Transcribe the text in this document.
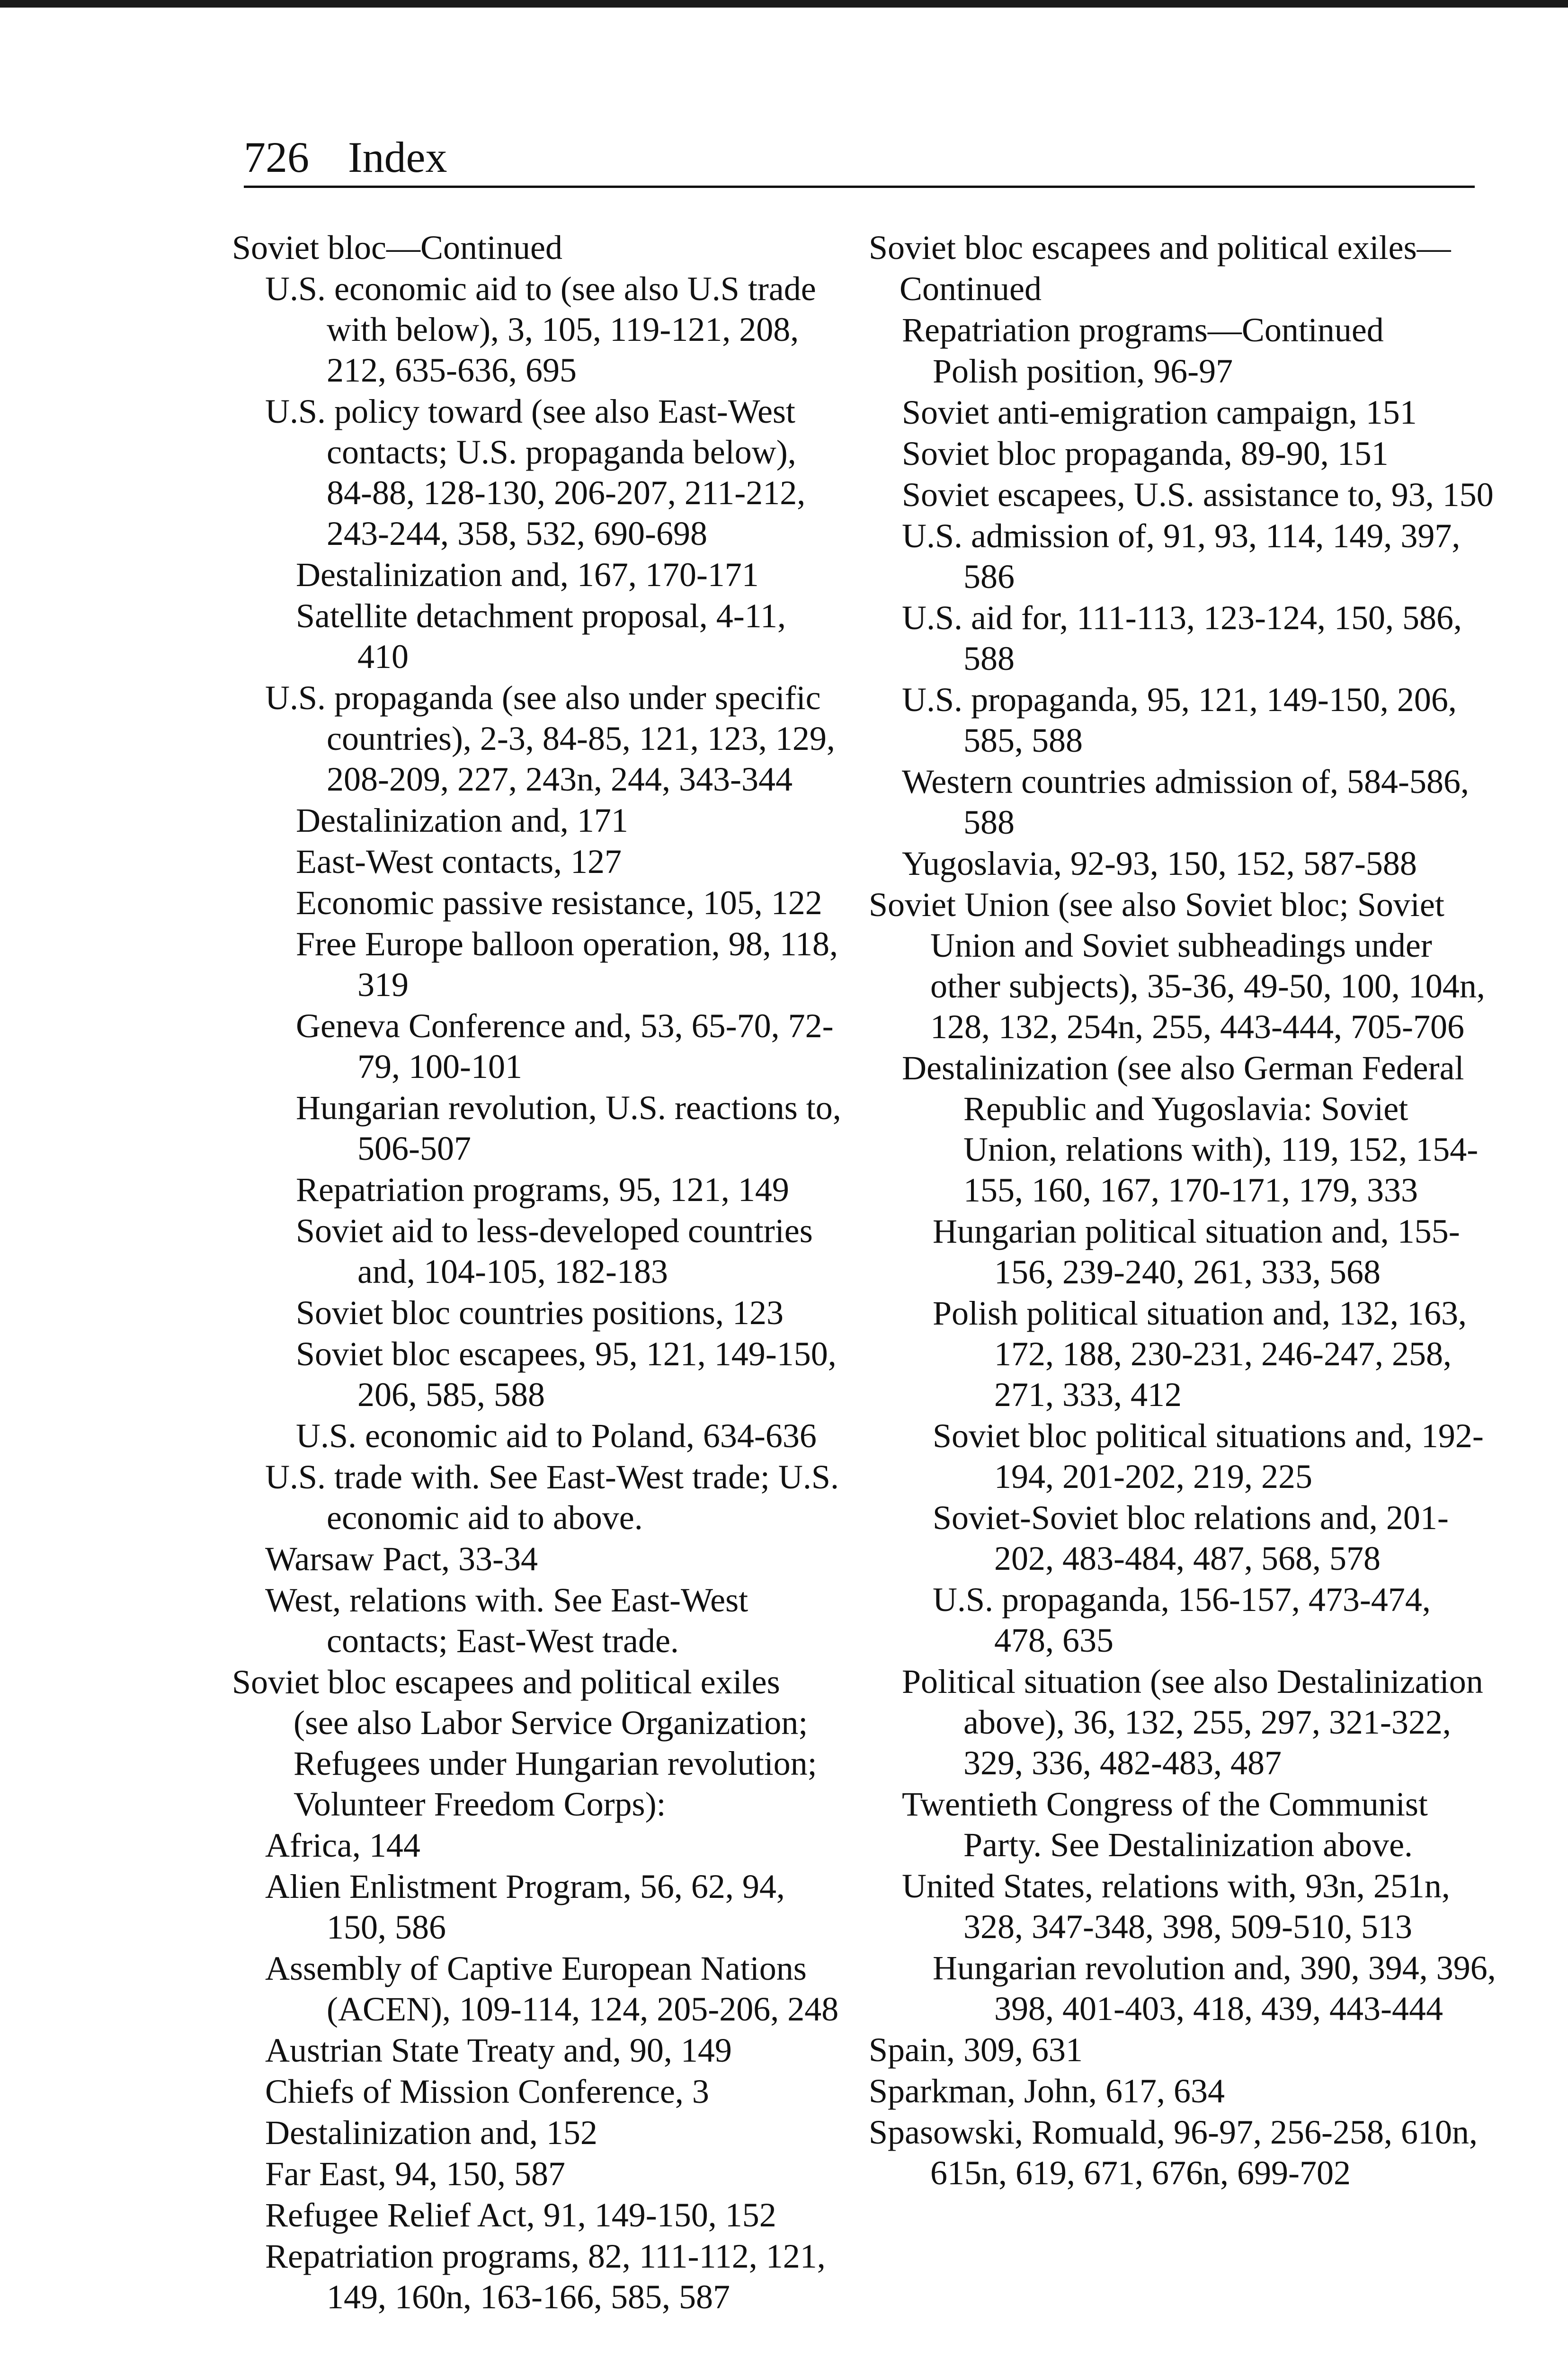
726 Index
Soviet bloc—Continued
U.S. economic aid to (see also U.S trade with below), 3, 105, 119-121, 208, 212, 635-636, 695
U.S. policy toward (see also East-West contacts; U.S. propaganda below), 84-88, 128-130, 206-207, 211-212, 243-244, 358, 532, 690-698
Destalinization and, 167, 170-171
Satellite detachment proposal, 4-11, 410
U.S. propaganda (see also under specific countries), 2-3, 84-85, 121, 123, 129, 208-209, 227, 243n, 244, 343-344
Destalinization and, 171
East-West contacts, 127
Economic passive resistance, 105, 122
Free Europe balloon operation, 98, 118, 319
Geneva Conference and, 53, 65-70, 72-79, 100-101
Hungarian revolution, U.S. reactions to, 506-507
Repatriation programs, 95, 121, 149
Soviet aid to less-developed countries and, 104-105, 182-183
Soviet bloc countries positions, 123
Soviet bloc escapees, 95, 121, 149-150, 206, 585, 588
U.S. economic aid to Poland, 634-636
U.S. trade with. See East-West trade; U.S. economic aid to above.
Warsaw Pact, 33-34
West, relations with. See East-West contacts; East-West trade.
Soviet bloc escapees and political exiles (see also Labor Service Organization; Refugees under Hungarian revolution; Volunteer Freedom Corps):
Africa, 144
Alien Enlistment Program, 56, 62, 94, 150, 586
Assembly of Captive European Nations (ACEN), 109-114, 124, 205-206, 248
Austrian State Treaty and, 90, 149
Chiefs of Mission Conference, 3
Destalinization and, 152
Far East, 94, 150, 587
Refugee Relief Act, 91, 149-150, 152
Repatriation programs, 82, 111-112, 121, 149, 160n, 163-166, 585, 587
Soviet bloc escapees and political exiles—
Continued
Repatriation programs—Continued
Polish position, 96-97
Soviet anti-emigration campaign, 151
Soviet bloc propaganda, 89-90, 151
Soviet escapees, U.S. assistance to, 93, 150
U.S. admission of, 91, 93, 114, 149, 397, 586
U.S. aid for, 111-113, 123-124, 150, 586, 588
U.S. propaganda, 95, 121, 149-150, 206, 585, 588
Western countries admission of, 584-586, 588
Yugoslavia, 92-93, 150, 152, 587-588
Soviet Union (see also Soviet bloc; Soviet Union and Soviet subheadings under other subjects), 35-36, 49-50, 100, 104n, 128, 132, 254n, 255, 443-444, 705-706
Destalinization (see also German Federal Republic and Yugoslavia: Soviet Union, relations with), 119, 152, 154-155, 160, 167, 170-171, 179, 333
Hungarian political situation and, 155-156, 239-240, 261, 333, 568
Polish political situation and, 132, 163, 172, 188, 230-231, 246-247, 258, 271, 333, 412
Soviet bloc political situations and, 192-194, 201-202, 219, 225
Soviet-Soviet bloc relations and, 201-202, 483-484, 487, 568, 578
U.S. propaganda, 156-157, 473-474, 478, 635
Political situation (see also Destalinization above), 36, 132, 255, 297, 321-322, 329, 336, 482-483, 487
Twentieth Congress of the Communist Party. See Destalinization above.
United States, relations with, 93n, 251n, 328, 347-348, 398, 509-510, 513
Hungarian revolution and, 390, 394, 396, 398, 401-403, 418, 439, 443-444
Spain, 309, 631
Sparkman, John, 617, 634
Spasowski, Romuald, 96-97, 256-258, 610n, 615n, 619, 671, 676n, 699-702
